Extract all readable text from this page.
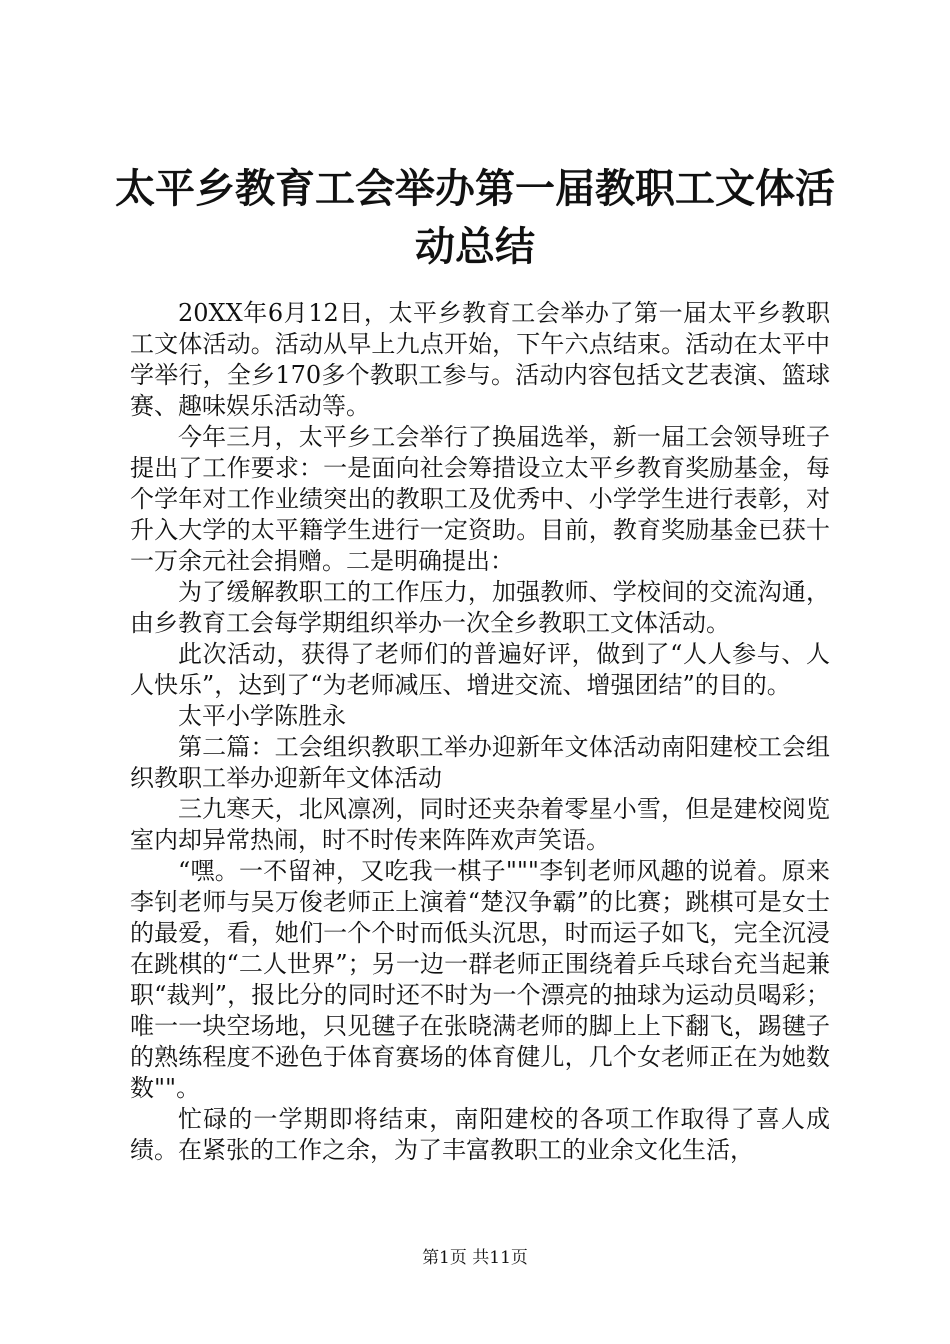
太平乡教育工会举办第一届教职工文体活动总结

20XX年6月12日，太平乡教育工会举办了第一届太平乡教职工文体活动。活动从早上九点开始，下午六点结束。活动在太平中学举行，全乡170多个教职工参与。活动内容包括文艺表演、篮球赛、趣味娱乐活动等。

今年三月，太平乡工会举行了换届选举，新一届工会领导班子提出了工作要求：一是面向社会筹措设立太平乡教育奖励基金，每个学年对工作业绩突出的教职工及优秀中、小学学生进行表彰，对升入大学的太平籍学生进行一定资助。目前，教育奖励基金已获十一万余元社会捐赠。二是明确提出：

为了缓解教职工的工作压力，加强教师、学校间的交流沟通，由乡教育工会每学期组织举办一次全乡教职工文体活动。

此次活动，获得了老师们的普遍好评，做到了“人人参与、人人快乐”，达到了“为老师减压、增进交流、增强团结”的目的。

太平小学陈胜永

第二篇：工会组织教职工举办迎新年文体活动南阳建校工会组织教职工举办迎新年文体活动

三九寒天，北风凛冽，同时还夹杂着零星小雪，但是建校阅览室内却异常热闹，时不时传来阵阵欢声笑语。

“嘿。一不留神，又吃我一棋子"""李钊老师风趣的说着。原来李钊老师与吴万俊老师正上演着“楚汉争霸”的比赛；跳棋可是女士的最爱，看，她们一个个时而低头沉思，时而运子如飞，完全沉浸在跳棋的“二人世界”；另一边一群老师正围绕着乒乓球台充当起兼职“裁判”，报比分的同时还不时为一个漂亮的抽球为运动员喝彩；唯一一块空场地，只见毽子在张晓满老师的脚上上下翻飞，踢毽子的熟练程度不逊色于体育赛场的体育健儿，几个女老师正在为她数数""。

忙碌的一学期即将结束，南阳建校的各项工作取得了喜人成绩。在紧张的工作之余，为了丰富教职工的业余文化生活，

第1页 共11页
